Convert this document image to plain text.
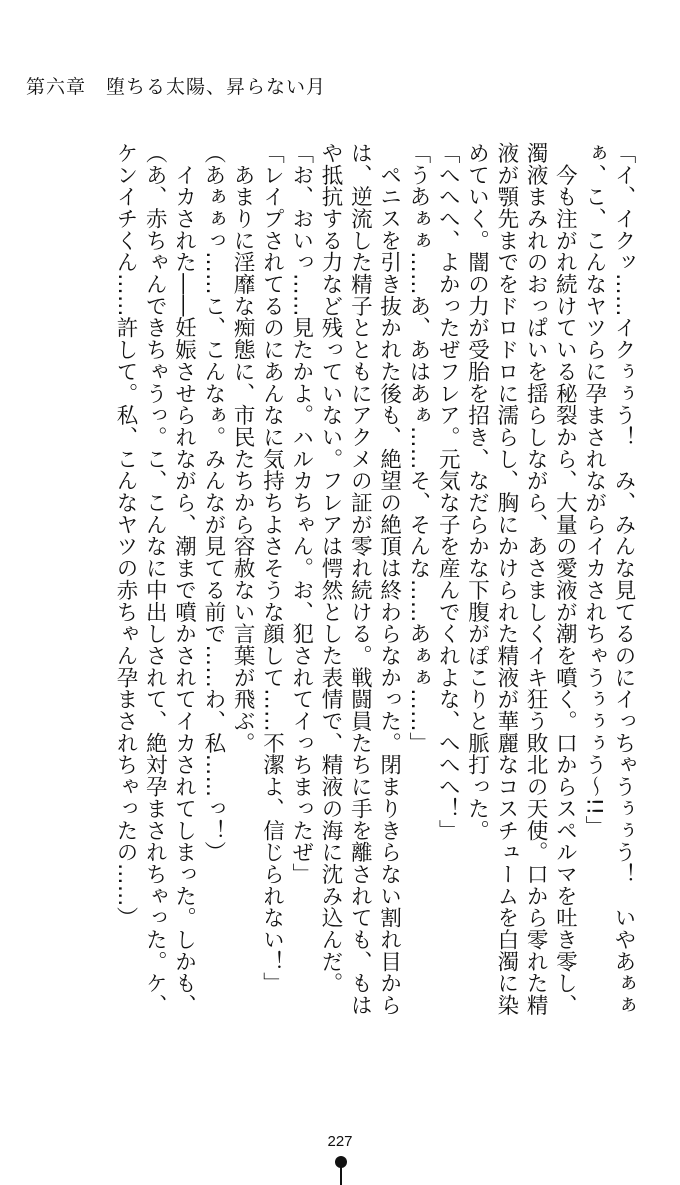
第六章　堕ちる太陽、昇らない月
「イ、イクッ……イクぅぅう！　み、みんな見てるのにイっちゃうぅぅう！　いやあぁぁ
ぁ、こ、こんなヤツらに孕まされながらイカされちゃうぅぅぅう〜!!」
　今も注がれ続けている秘裂から、大量の愛液が潮を噴く。口からスペルマを吐き零し、
濁液まみれのおっぱいを揺らしながら、あさましくイキ狂う敗北の天使。口から零れた精
液が顎先までをドロドロに濡らし、胸にかけられた精液が華麗なコスチュームを白濁に染
めていく。闇の力が受胎を招き、なだらかな下腹がぽこりと脈打った。
「へへへ、よかったぜフレア。元気な子を産んでくれよな、へへへ！」
「うあぁぁ……あ、あはあぁ……そ、そんな……あぁぁ……」
　ペニスを引き抜かれた後も、絶望の絶頂は終わらなかった。閉まりきらない割れ目から
は、逆流した精子とともにアクメの証が零れ続ける。戦闘員たちに手を離されても、もは
や抵抗する力など残っていない。フレアは愕然とした表情で、精液の海に沈み込んだ。
「お、おいっ……見たかよ。ハルカちゃん。お、犯されてイっちまったぜ」
「レイプされてるのにあんなに気持ちよさそうな顔して……不潔よ、信じられない！」
　あまりに淫靡な痴態に、市民たちから容赦ない言葉が飛ぶ。
（あぁぁっ……こ、こんなぁ。みんなが見てる前で……わ、私……っ！）
　イカされた――妊娠させられながら、潮まで噴かされてイカされてしまった。しかも、
（あ、赤ちゃんできちゃうっ。こ、こんなに中出しされて、絶対孕まされちゃった。ケ、
ケンイチくん……許して。私、こんなヤツの赤ちゃん孕まされちゃったの……）
227
